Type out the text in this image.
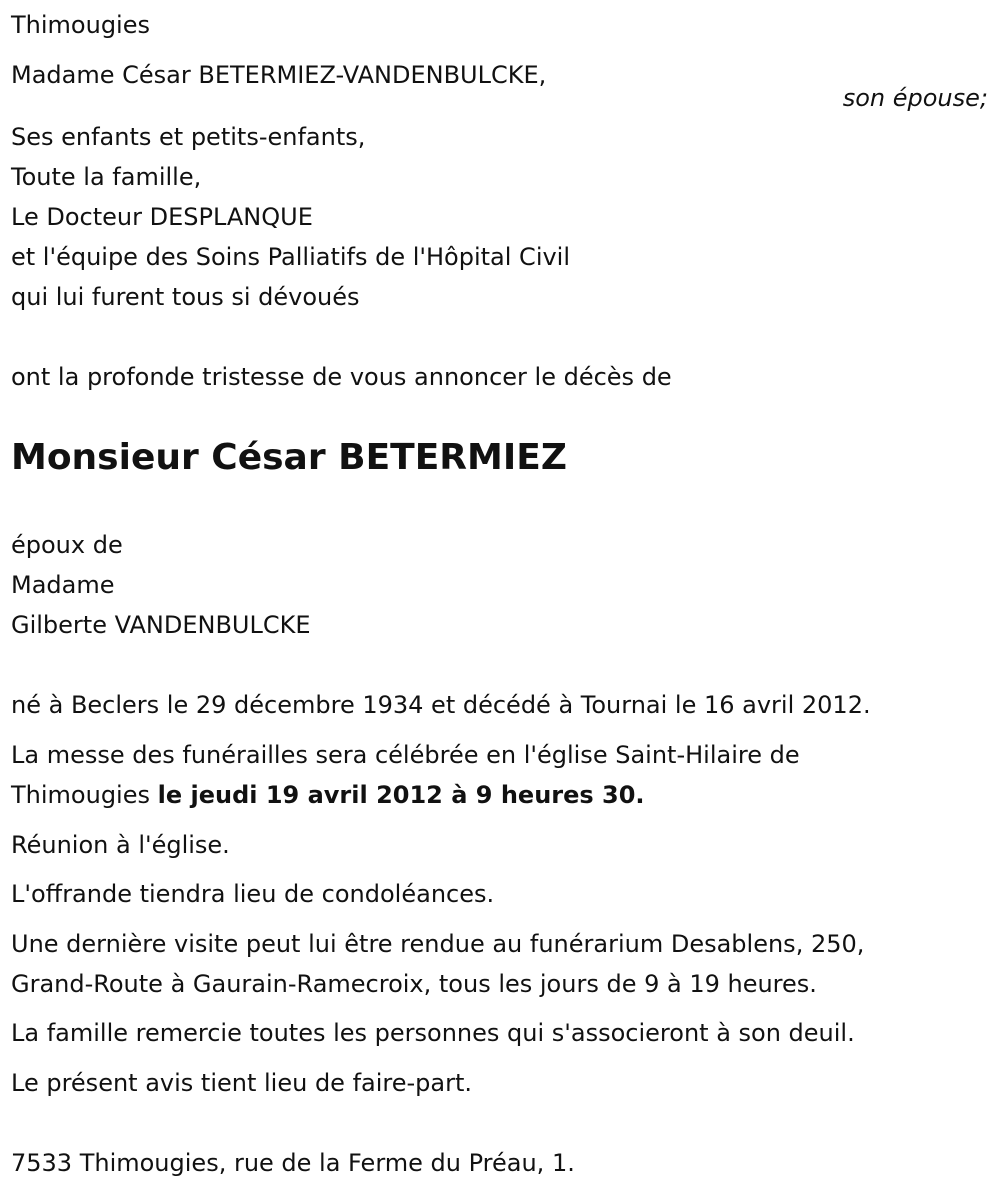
Thimougies
Madame César BETERMIEZ-VANDENBULCKE,
son épouse;
Ses enfants et petits-enfants,
Toute la famille,
Le Docteur DESPLANQUE
et l'équipe des Soins Palliatifs de l'Hôpital Civil
qui lui furent tous si dévoués
ont la profonde tristesse de vous annoncer le décès de
Monsieur César BETERMIEZ
époux de
Madame
Gilberte VANDENBULCKE
né à Beclers le 29 décembre 1934 et décédé à Tournai le 16 avril 2012.
La messe des funérailles sera célébrée en l'église Saint-Hilaire de
Thimougies le jeudi 19 avril 2012 à 9 heures 30.
Réunion à l'église.
L'offrande tiendra lieu de condoléances.
Une dernière visite peut lui être rendue au funérarium Desablens, 250,
Grand-Route à Gaurain-Ramecroix, tous les jours de 9 à 19 heures.
La famille remercie toutes les personnes qui s'associeront à son deuil.
Le présent avis tient lieu de faire-part.
7533 Thimougies, rue de la Ferme du Préau, 1.
